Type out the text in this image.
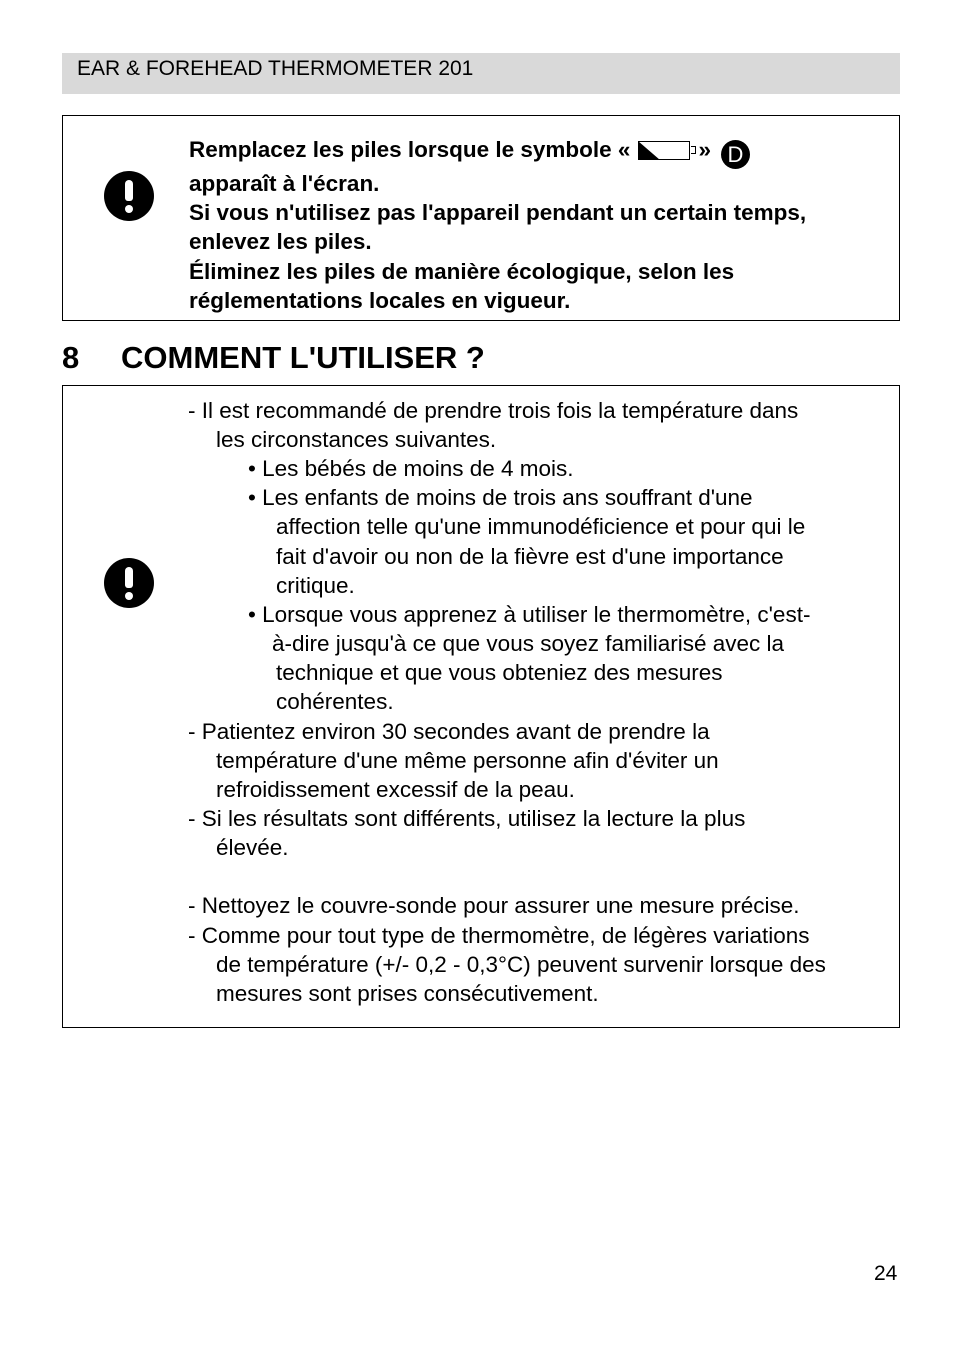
EAR & FOREHEAD THERMOMETER 201
Remplacez les piles lorsque le symbole «	» D
apparaît à l'écran.
Si vous n'utilisez pas l'appareil pendant un certain temps,
enlevez les piles.
Éliminez les piles de manière écologique, selon les
réglementations locales en vigueur.
8 COMMENT L'UTILISER ?
- Il est recommandé de prendre trois fois la température dans
les circonstances suivantes.
• Les bébés de moins de 4 mois.
• Les enfants de moins de trois ans souffrant d'une
affection telle qu'une immunodéficience et pour qui le
fait d'avoir ou non de la fièvre est d'une importance
critique.
• Lorsque vous apprenez à utiliser le thermomètre, c'est-
à-dire jusqu'à ce que vous soyez familiarisé avec la
technique et que vous obteniez des mesures
cohérentes.
- Patientez environ 30 secondes avant de prendre la
température d'une même personne afin d'éviter un
refroidissement excessif de la peau.
- Si les résultats sont différents, utilisez la lecture la plus
élevée.
- Nettoyez le couvre-sonde pour assurer une mesure précise.
- Comme pour tout type de thermomètre, de légères variations
de température (+/- 0,2 - 0,3°C) peuvent survenir lorsque des
mesures sont prises consécutivement.
24
